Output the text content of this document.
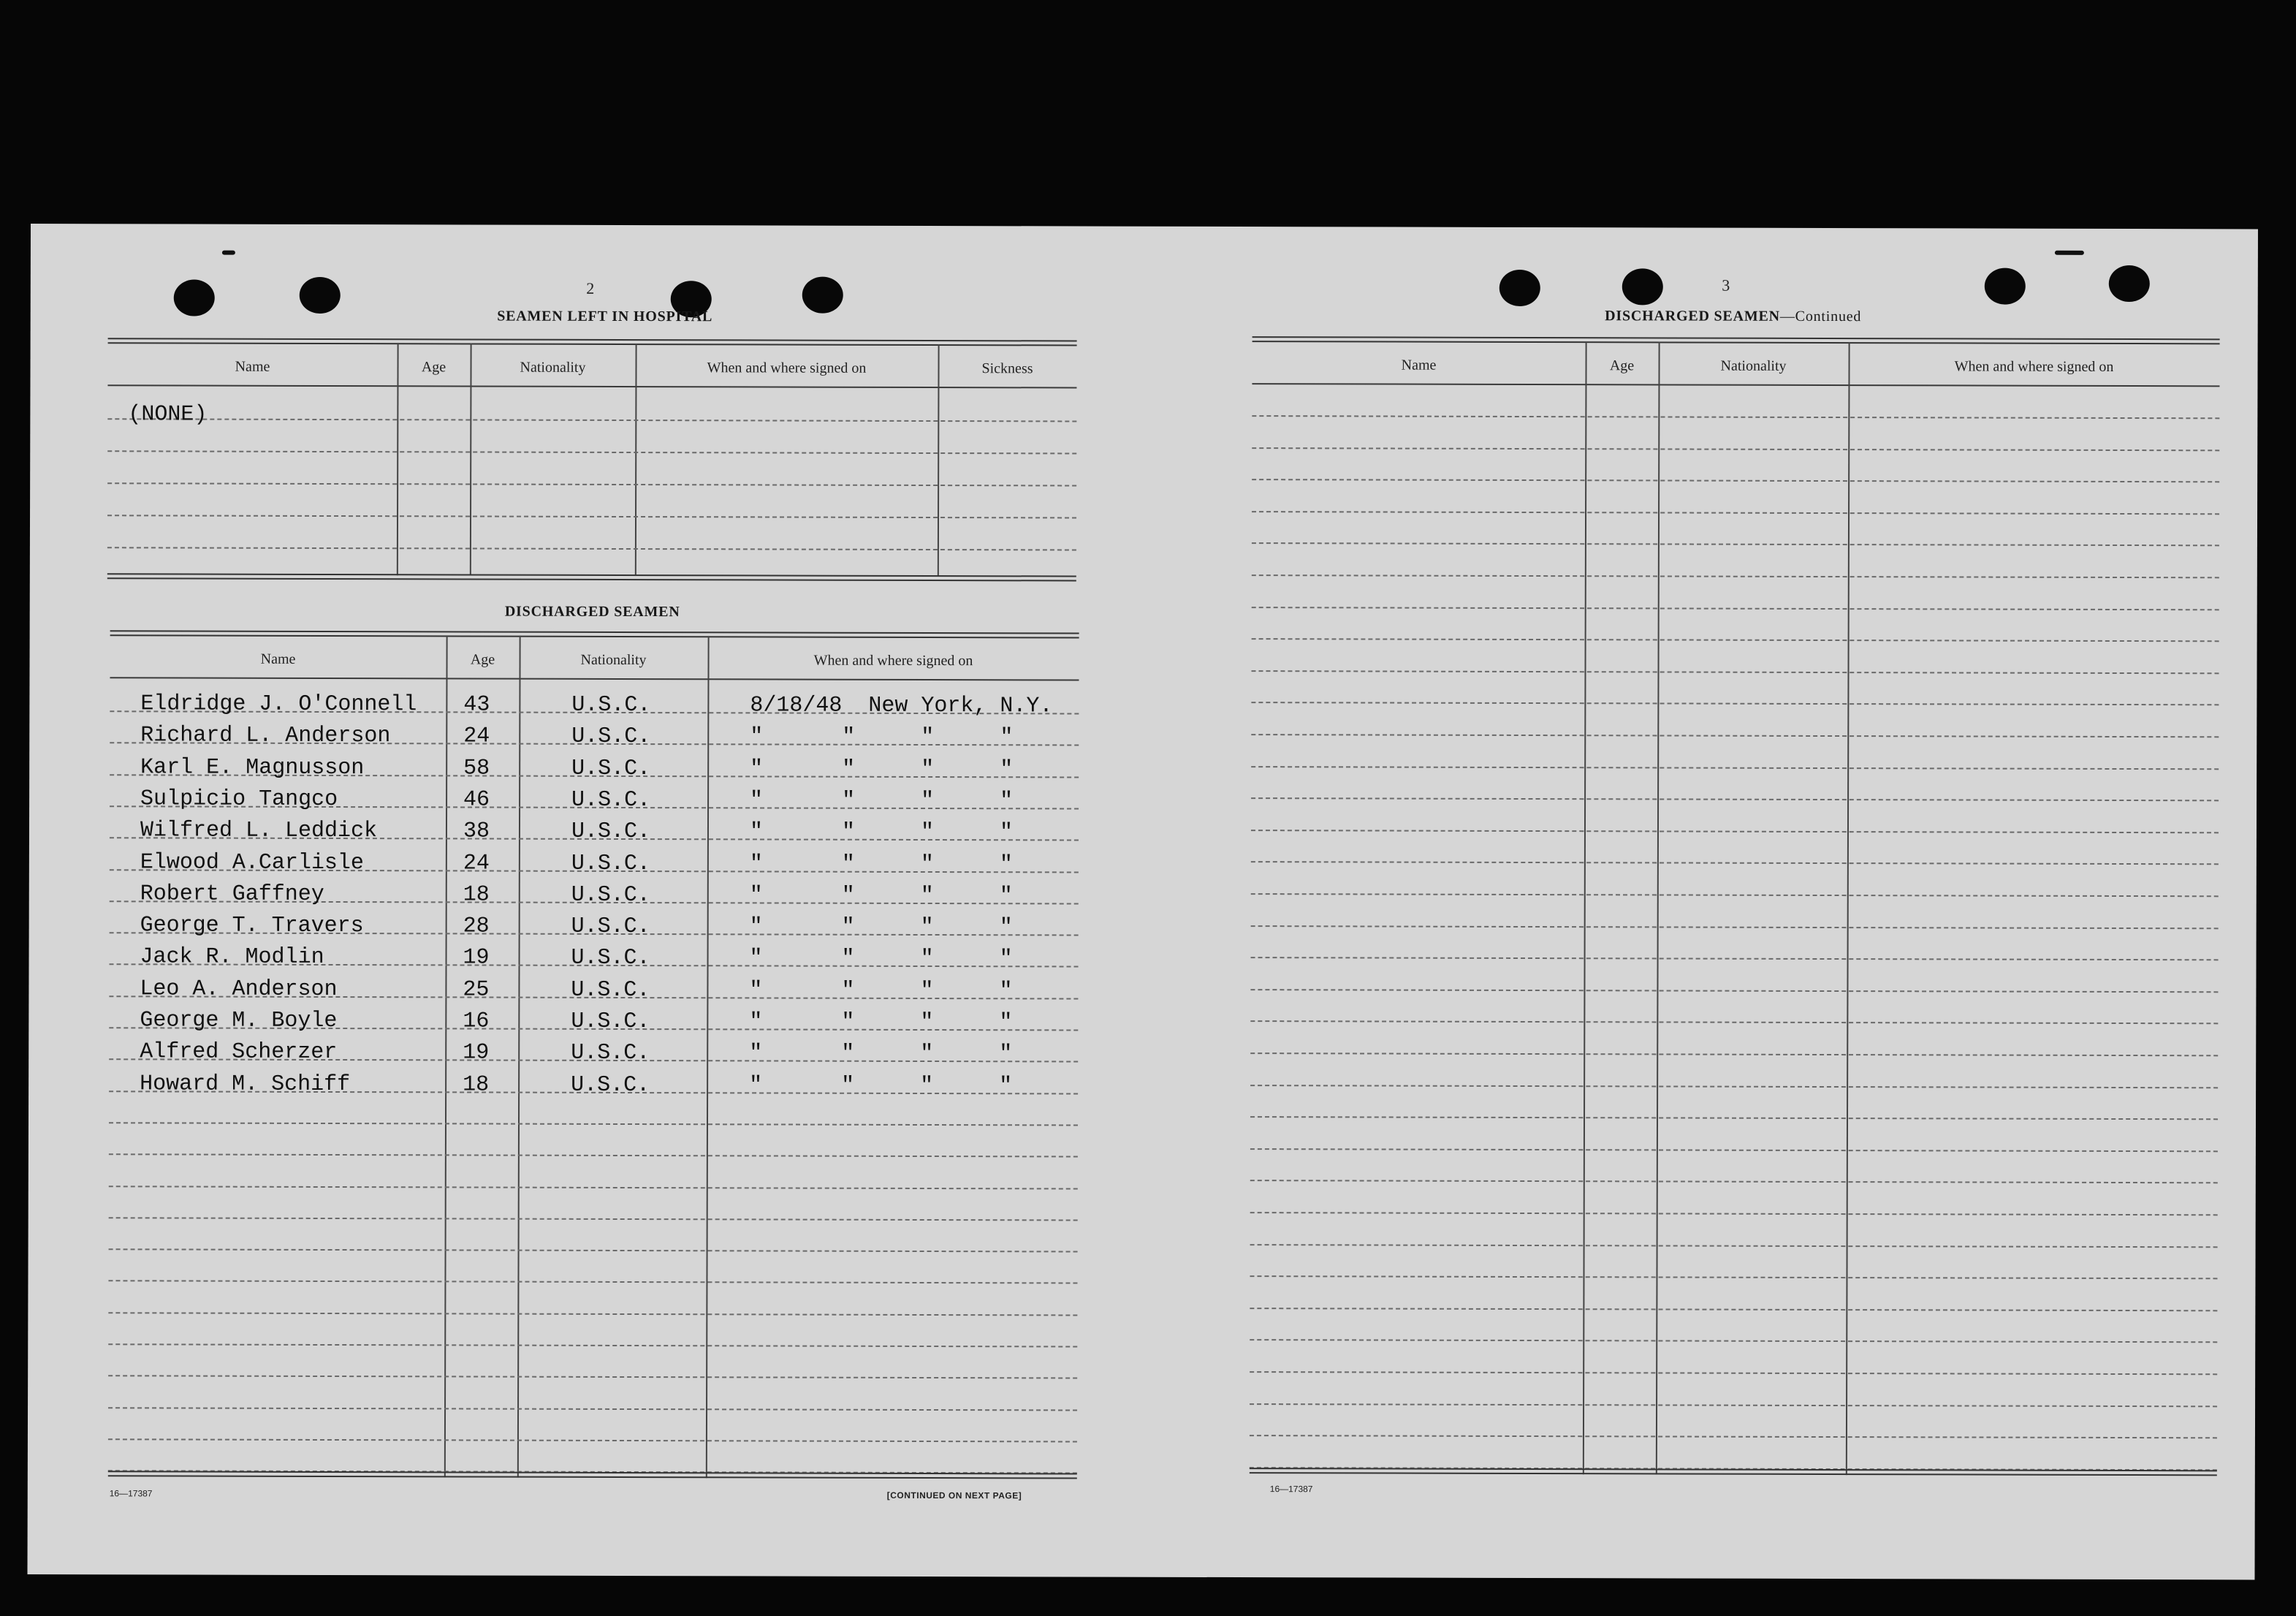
2
SEAMEN LEFT IN HOSPITAL
Name	Age	Nationality	When and where signed on	Sickness
(NONE)
DISCHARGED SEAMEN
Name	Age	Nationality	When and where signed on
Eldridge J. O'Connell 43	U.S.C.	8/18/48  New York, N.Y.
Richard L. Anderson	24	U.S.C.	"      "     "     "
Karl E. Magnusson	58	U.S.C.	"      "     "     "
Sulpicio Tangco	46	U.S.C.	"      "     "     "
Wilfred L. Leddick	38	U.S.C.	"      "     "     "
Elwood A.Carlisle	24	U.S.C.	"      "     "     "
Robert Gaffney	18	U.S.C.	"      "     "     "
George T. Travers	28	U.S.C.	"      "     "     "
Jack R. Modlin	19	U.S.C.	"      "     "     "
Leo A. Anderson	25	U.S.C.	"      "     "     "
George M. Boyle	16	U.S.C.	"      "     "     "
Alfred Scherzer	19	U.S.C.	"      "     "     "
Howard M. Schiff	18	U.S.C.	"      "     "     "
16—17387	[CONTINUED ON NEXT PAGE]
3
DISCHARGED SEAMEN—Continued
Name	Age	Nationality	When and where signed on
16—17387
